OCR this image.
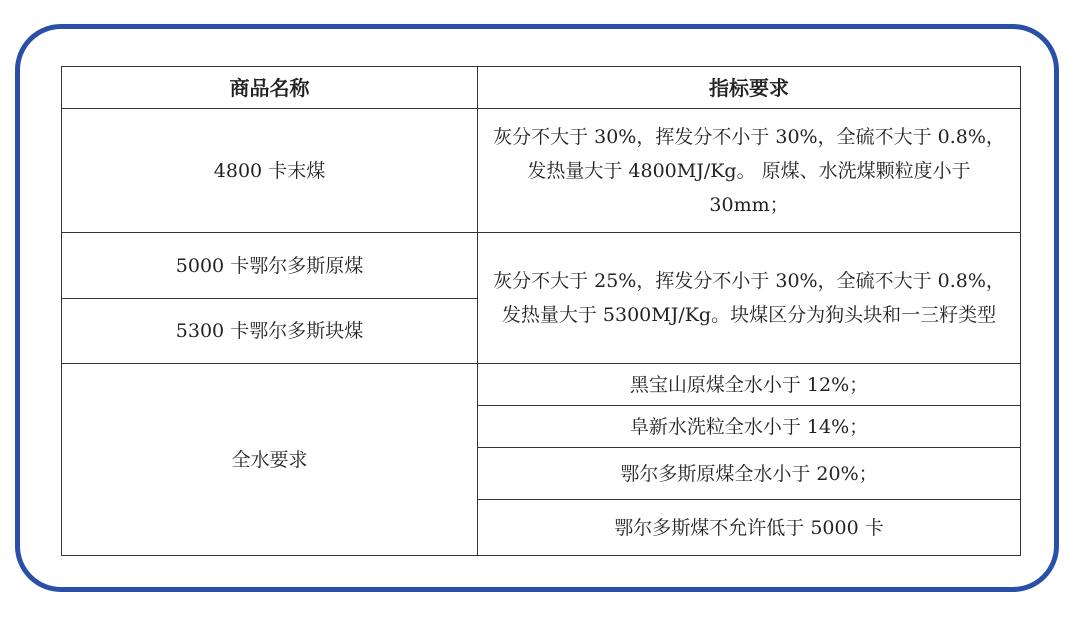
商品名称	指标要求
4800 卡末煤	灰分不大于 30%，挥发分不小于 30%，全硫不大于 0.8%，发热量大于 4800MJ/Kg。 原煤、水洗煤颗粒度小于 30mm；

5000 卡鄂尔多斯原煤	灰分不大于 25%，挥发分不小于 30%，全硫不大于 0.8%，发热量大于 5300MJ/Kg。块煤区分为狗头块和一三籽类型

5300 卡鄂尔多斯块煤	
全水要求	黑宝山原煤全水小于 12%；
	阜新水洗粒全水小于 14%；
	鄂尔多斯原煤全水小于 20%；
	鄂尔多斯煤不允许低于 5000 卡
